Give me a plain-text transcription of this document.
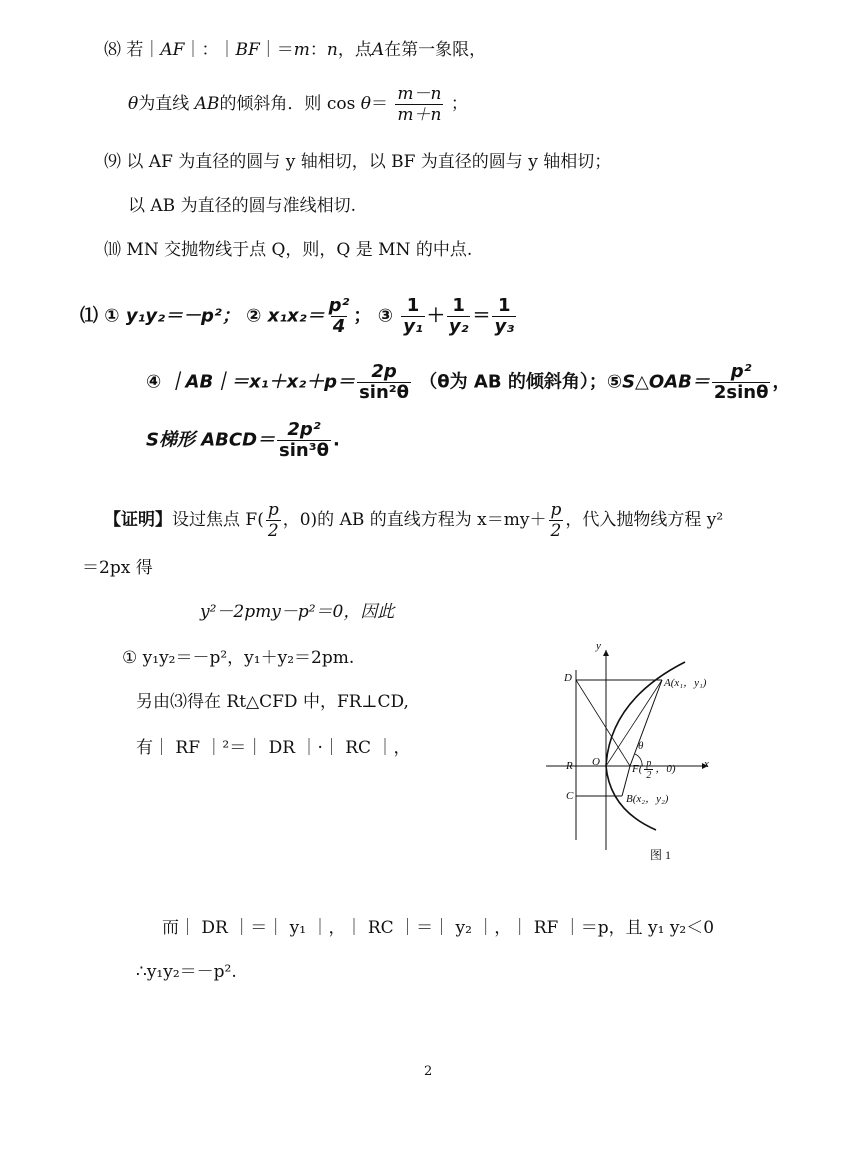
⑻ 若｜AF｜：｜BF｜＝m：n，点A在第一象限，
θ为直线 AB的倾斜角．则 $\cos \theta= \frac{m-n}{m+n}$ ；
⑼ 以 AF 为直径的圆与 y 轴相切，以 BF 为直径的圆与 y 轴相切；
以 AB 为直径的圆与准线相切.
⑽ MN 交抛物线于点 Q，则，Q 是 MN 的中点.
⑴ ① y₁y₂＝－p²； ② $x_1x_2= \frac{\text{p²}}{4}$ ； ③ $\frac{1}{\text{y₁}} + \frac{1}{\text{y₂}} = \frac{1}{\text{y₃}}$
④ ｜AB｜＝x₁＋x₂＋p＝ $\frac{2p}{\text{sin²θ}} (\theta$为 AB 的倾斜角）；⑤S△OAB＝ $\frac{\text{p²}}{2\sin\theta}$ ，
S梯形 ABCD＝ $\frac{\text{2p²}}{\text{sin³θ}}$ .
【证明】设过焦点 $F( \frac{p}{2}$ ，0)的 AB 的直线方程为 $x=my+ \frac{p}{2}$ ，代入抛物线方程 y²
＝2px 得
y²－2pmy－p²＝0，因此
① y₁y₂＝－p²，y₁＋y₂＝2pm.
另由⑶得在 Rt△CFD 中，FR⊥CD,
有｜ RF ｜²＝｜ DR ｜·｜ RC ｜，
而｜ DR ｜＝｜ y₁ ｜，｜ RC ｜＝｜ y₂ ｜，｜ RF ｜＝p，且 y₁ y₂＜0
∴y₁y₂＝－p².
y
x
D
R
C
O
A(x₁，y₁)
B(x₂，y₂)
θ
$F( \frac{p}{2}$ ，0)
图 1
2
